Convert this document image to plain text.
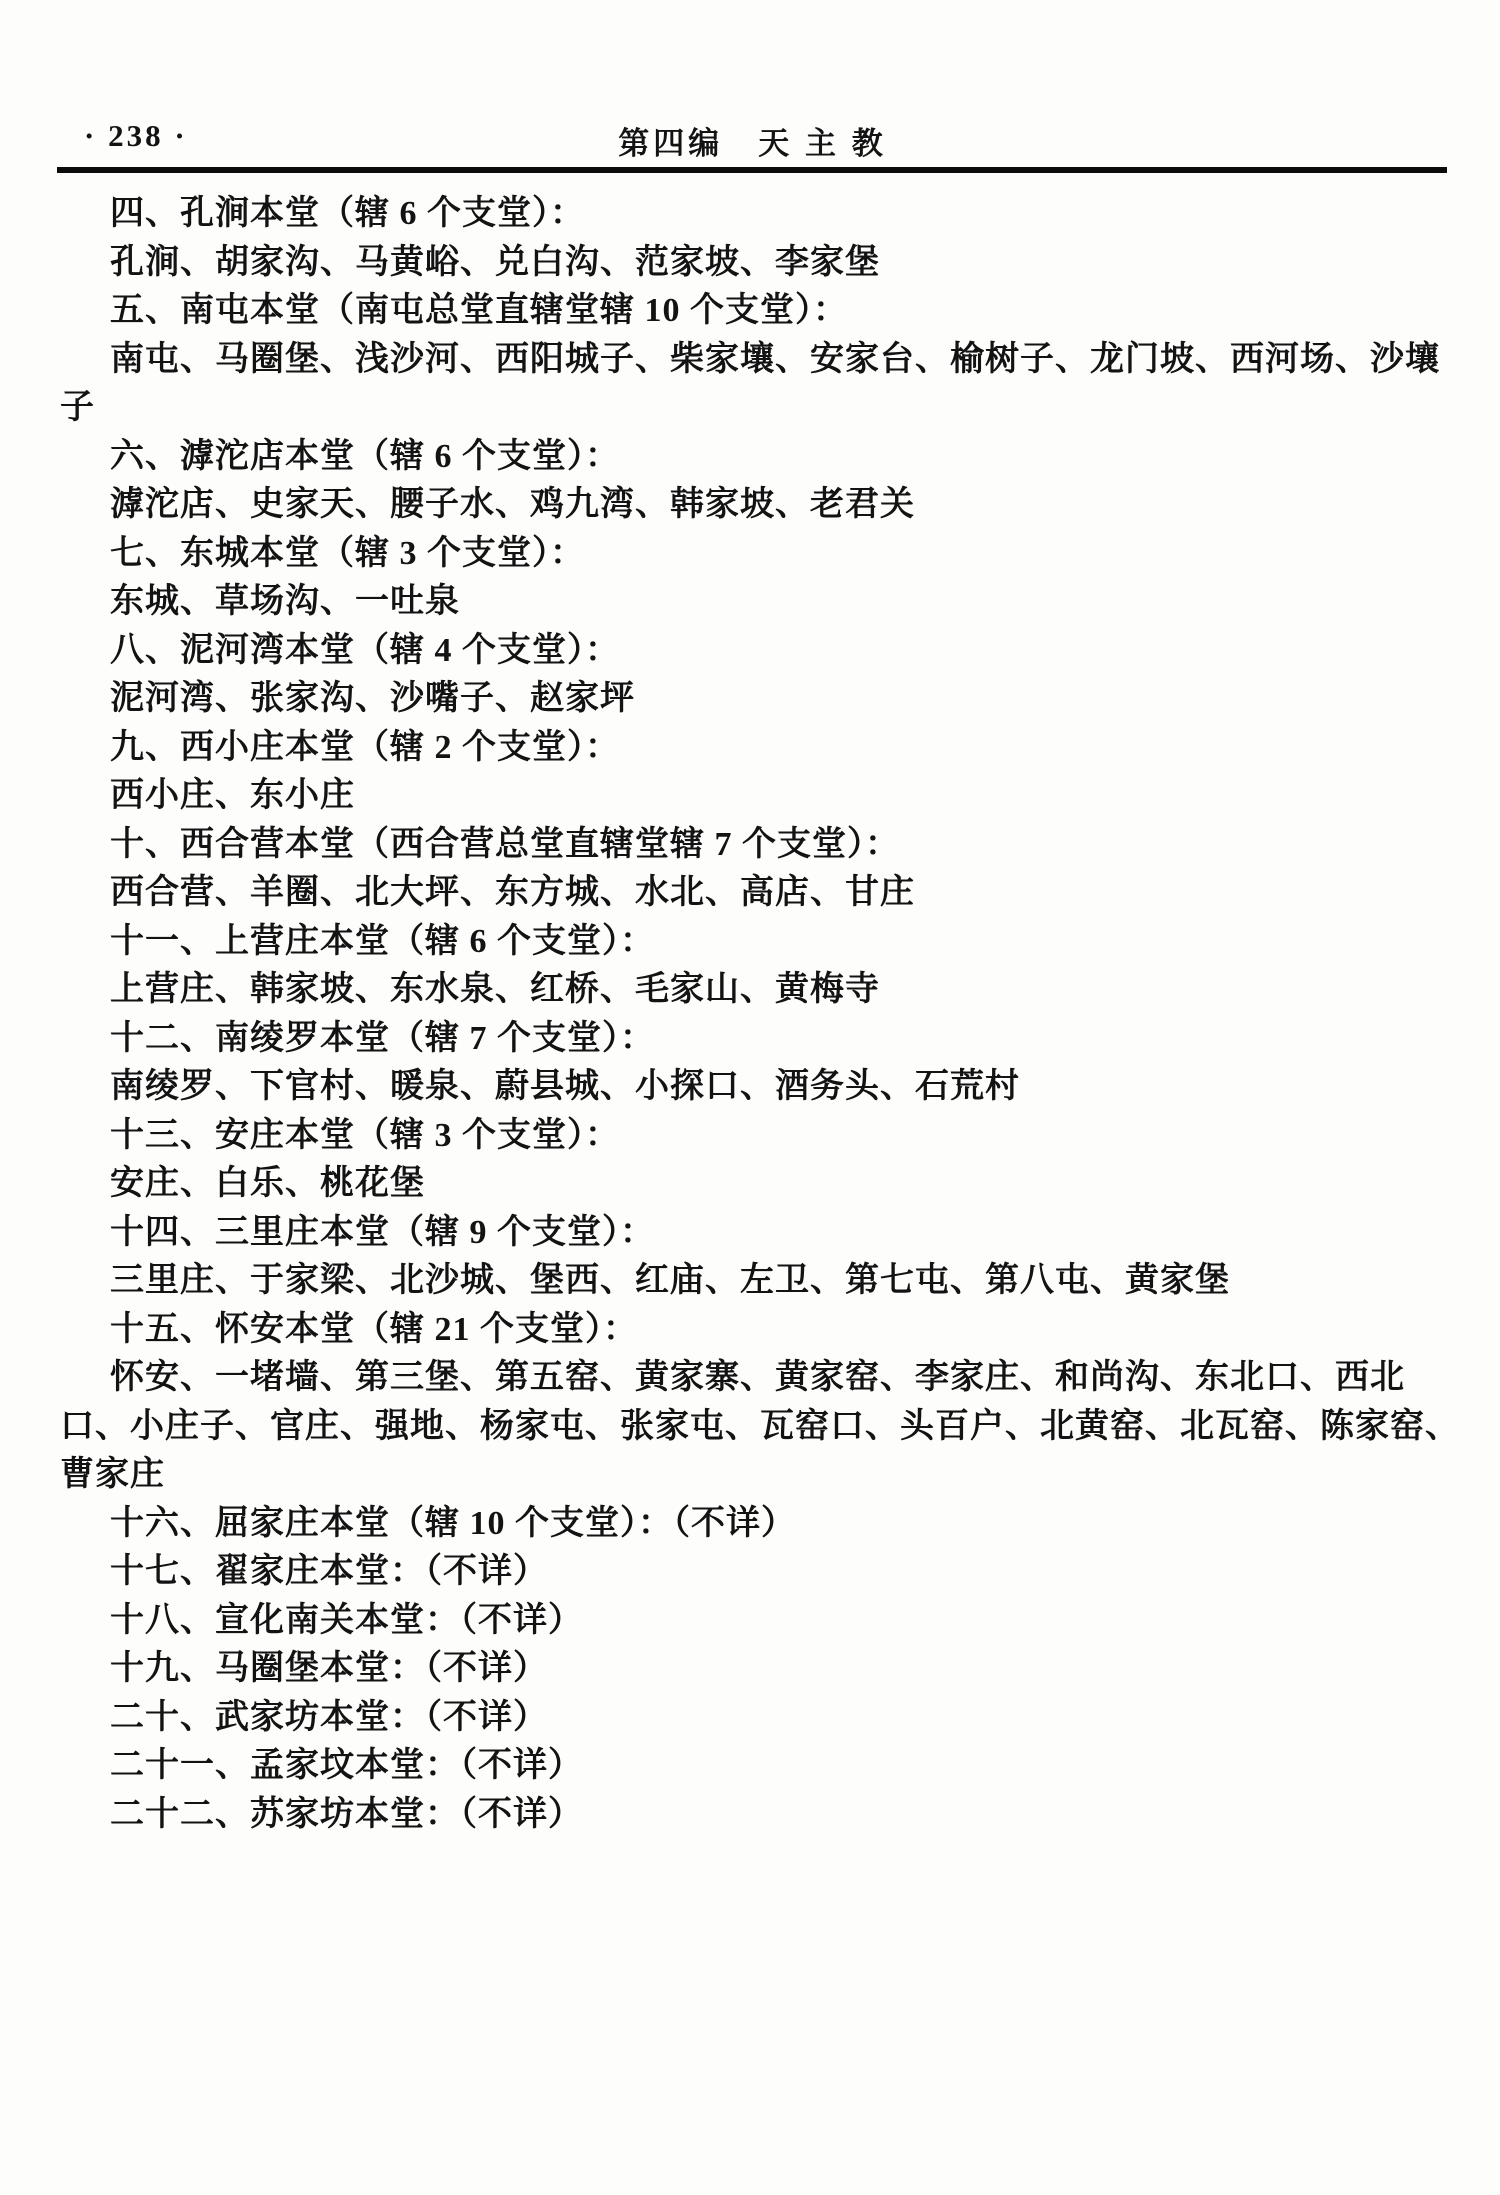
· 238 ·	第四编　天 主 教
四、孔涧本堂（辖 6 个支堂）：
孔涧、胡家沟、马黄峪、兑白沟、范家坡、李家堡
五、南屯本堂（南屯总堂直辖堂辖 10 个支堂）：
南屯、马圈堡、浅沙河、西阳城子、柴家壤、安家台、榆树子、龙门坡、西河场、沙壤
子
六、滹沱店本堂（辖 6 个支堂）：
滹沱店、史家天、腰子水、鸡九湾、韩家坡、老君关
七、东城本堂（辖 3 个支堂）：
东城、草场沟、一吐泉
八、泥河湾本堂（辖 4 个支堂）：
泥河湾、张家沟、沙嘴子、赵家坪
九、西小庄本堂（辖 2 个支堂）：
西小庄、东小庄
十、西合营本堂（西合营总堂直辖堂辖 7 个支堂）：
西合营、羊圈、北大坪、东方城、水北、高店、甘庄
十一、上营庄本堂（辖 6 个支堂）：
上营庄、韩家坡、东水泉、红桥、毛家山、黄梅寺
十二、南绫罗本堂（辖 7 个支堂）：
南绫罗、下官村、暖泉、蔚县城、小探口、酒务头、石荒村
十三、安庄本堂（辖 3 个支堂）：
安庄、白乐、桃花堡
十四、三里庄本堂（辖 9 个支堂）：
三里庄、于家梁、北沙城、堡西、红庙、左卫、第七屯、第八屯、黄家堡
十五、怀安本堂（辖 21 个支堂）：
怀安、一堵墙、第三堡、第五窑、黄家寨、黄家窑、李家庄、和尚沟、东北口、西北
口、小庄子、官庄、强地、杨家屯、张家屯、瓦窑口、头百户、北黄窑、北瓦窑、陈家窑、
曹家庄
十六、屈家庄本堂（辖 10 个支堂）：（不详）
十七、翟家庄本堂：（不详）
十八、宣化南关本堂：（不详）
十九、马圈堡本堂：（不详）
二十、武家坊本堂：（不详）
二十一、孟家坟本堂：（不详）
二十二、苏家坊本堂：（不详）
